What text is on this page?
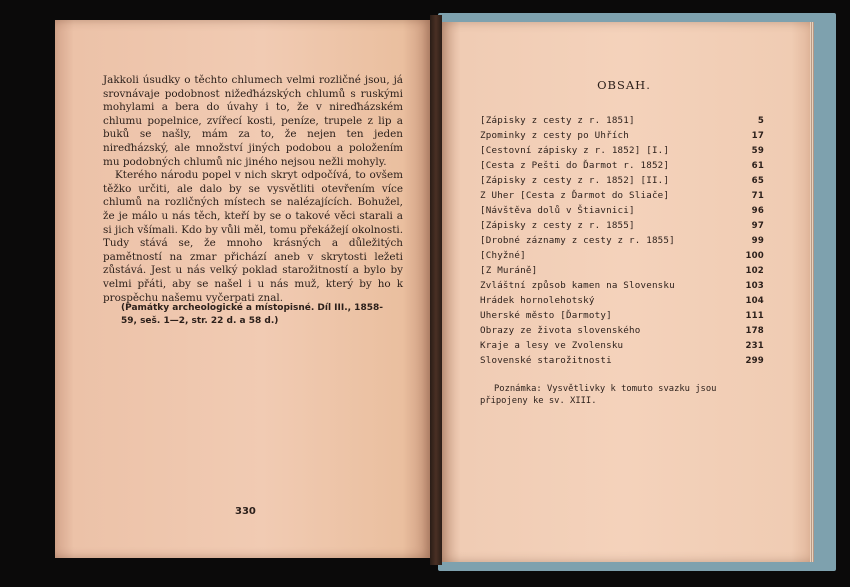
Jakkoli úsudky o těchto chlumech velmi rozličné jsou, já srovnávaje podobnost nižeďházských chlumů s ruskými mohylami a bera do úvahy i to, že v nireďházském chlumu popelnice, zvířecí kosti, peníze, trupele z lip a buků se našly, mám za to, že nejen ten jeden nireďházský, ale množství jiných podobou a položením mu podobných chlumů nic jiného nejsou nežli mohyly.

Kterého národu popel v nich skryt odpočívá, to ovšem těžko určiti, ale dalo by se vysvětliti otevřením více chlumů na rozličných místech se nalézajících. Bohužel, že je málo u nás těch, kteří by se o takové věci starali a si jich všímali. Kdo by vůli měl, tomu překážejí okolnosti. Tudy stává se, že mnoho krásných a důležitých pamětností na zmar přichází aneb v skrytosti ležeti zůstává. Jest u nás velký poklad starožitností a bylo by velmi přáti, aby se našel i u nás muž, který by ho k prospěchu našemu vyčerpati znal.

(Památky archeologické a místopisné. Díl III., 1858-59, seš. 1—2, str. 22 d. a 58 d.)
330
OBSAH.
[Zápisky z cesty z r. 1851]	5
Zpominky z cesty po Uhřích	17
[Cestovní zápisky z r. 1852] [I.]	59
[Cesta z Pešti do Ďarmot r. 1852]	61
[Zápisky z cesty z r. 1852] [II.]	65
Z Uher [Cesta z Ďarmot do Sliače]	71
[Návštěva dolů v Štiavnici]	96
[Zápisky z cesty z r. 1855]	97
[Drobné záznamy z cesty z r. 1855]	99
[Chyžné]	100
[Z Muráně]	102
Zvláštní způsob kamen na Slovensku	103
Hrádek hornolehotský	104
Uherské město [Ďarmoty]	111
Obrazy ze života slovenského	178
Kraje a lesy ve Zvolensku	231
Slovenské starožitnosti	299
Poznámka: Vysvětlivky k tomuto svazku jsou připojeny ke sv. XIII.
